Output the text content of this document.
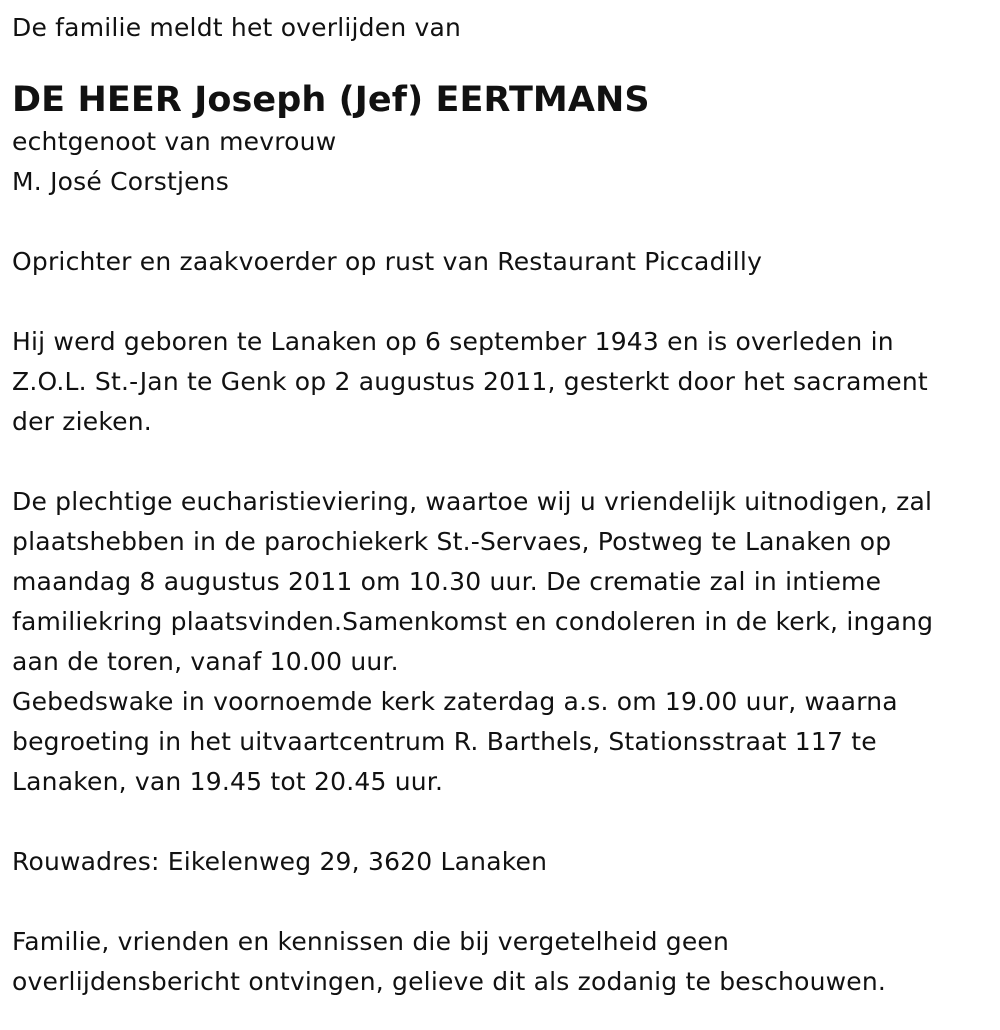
De familie meldt het overlijden van
DE HEER Joseph (Jef) EERTMANS
echtgenoot van mevrouw
M. José Corstjens
Oprichter en zaakvoerder op rust van Restaurant Piccadilly
Hij werd geboren te Lanaken op 6 september 1943 en is overleden in
Z.O.L. St.-Jan te Genk op 2 augustus 2011, gesterkt door het sacrament
der zieken.
De plechtige eucharistieviering, waartoe wij u vriendelijk uitnodigen, zal
plaatshebben in de parochiekerk St.-Servaes, Postweg te Lanaken op
maandag 8 augustus 2011 om 10.30 uur. De crematie zal in intieme
familiekring plaatsvinden.Samenkomst en condoleren in de kerk, ingang
aan de toren, vanaf 10.00 uur.
Gebedswake in voornoemde kerk zaterdag a.s. om 19.00 uur, waarna
begroeting in het uitvaartcentrum R. Barthels, Stationsstraat 117 te
Lanaken, van 19.45 tot 20.45 uur.
Rouwadres: Eikelenweg 29, 3620 Lanaken
Familie, vrienden en kennissen die bij vergetelheid geen
overlijdensbericht ontvingen, gelieve dit als zodanig te beschouwen.
